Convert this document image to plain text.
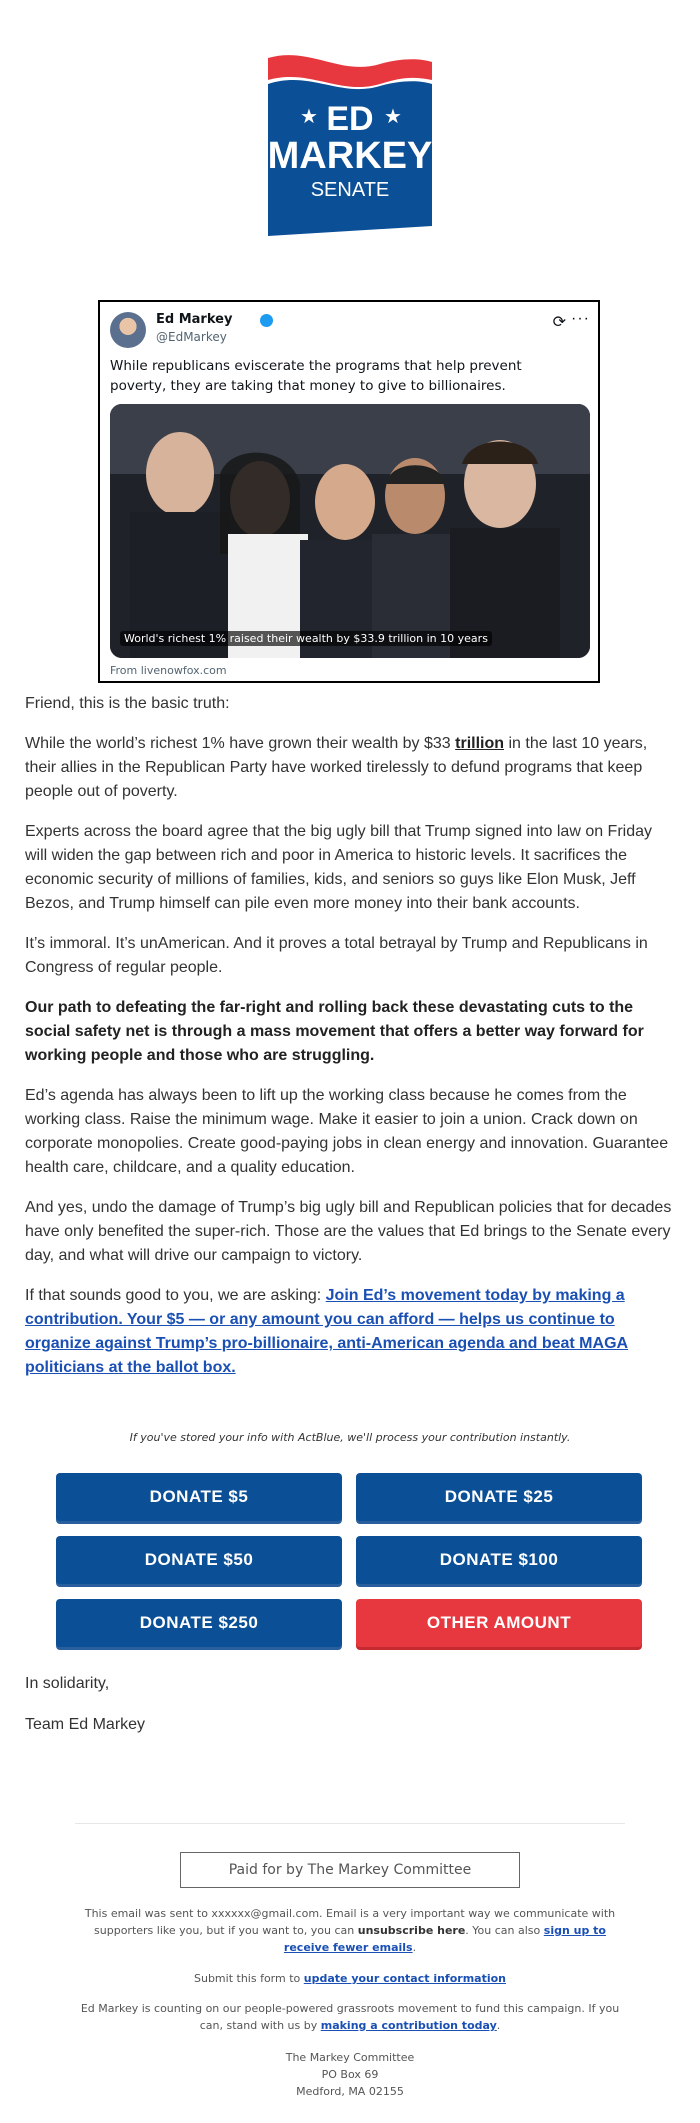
★	★
ED
MARKEY
SENATE
Ed Markey
@EdMarkey
⟳ ···
While republicans eviscerate the programs that help prevent poverty, they are taking that money to give to billionaires.
World's richest 1% raised their wealth by $33.9 trillion in 10 years
From livenowfox.com

Friend, this is the basic truth:

While the world’s richest 1% have grown their wealth by $33 trillion in the last 10 years, their allies in the Republican Party have worked tirelessly to defund programs that keep people out of poverty.

Experts across the board agree that the big ugly bill that Trump signed into law on Friday will widen the gap between rich and poor in America to historic levels. It sacrifices the economic security of millions of families, kids, and seniors so guys like Elon Musk, Jeff Bezos, and Trump himself can pile even more money into their bank accounts.

It’s immoral. It’s unAmerican. And it proves a total betrayal by Trump and Republicans in Congress of regular people.

Our path to defeating the far-right and rolling back these devastating cuts to the social safety net is through a mass movement that offers a better way forward for working people and those who are struggling.

Ed’s agenda has always been to lift up the working class because he comes from the working class. Raise the minimum wage. Make it easier to join a union. Crack down on corporate monopolies. Create good-paying jobs in clean energy and innovation. Guarantee health care, childcare, and a quality education.

And yes, undo the damage of Trump’s big ugly bill and Republican policies that for decades have only benefited the super-rich. Those are the values that Ed brings to the Senate every day, and what will drive our campaign to victory.

If that sounds good to you, we are asking: Join Ed’s movement today by making a contribution. Your $5 — or any amount you can afford — helps us continue to organize against Trump’s pro-billionaire, anti-American agenda and beat MAGA politicians at the ballot box.

If you've stored your info with ActBlue, we'll process your contribution instantly.
DONATE $5	DONATE $25
DONATE $50	DONATE $100
DONATE $250	OTHER AMOUNT
In solidarity,
Team Ed Markey
Paid for by The Markey Committee
This email was sent to xxxxxx@gmail.com. Email is a very important way we communicate with supporters like you, but if you want to, you can unsubscribe here. You can also sign up to receive fewer emails.
Submit this form to update your contact information
Ed Markey is counting on our people-powered grassroots movement to fund this campaign. If you can, stand with us by making a contribution today.
The Markey Committee
PO Box 69
Medford, MA 02155
